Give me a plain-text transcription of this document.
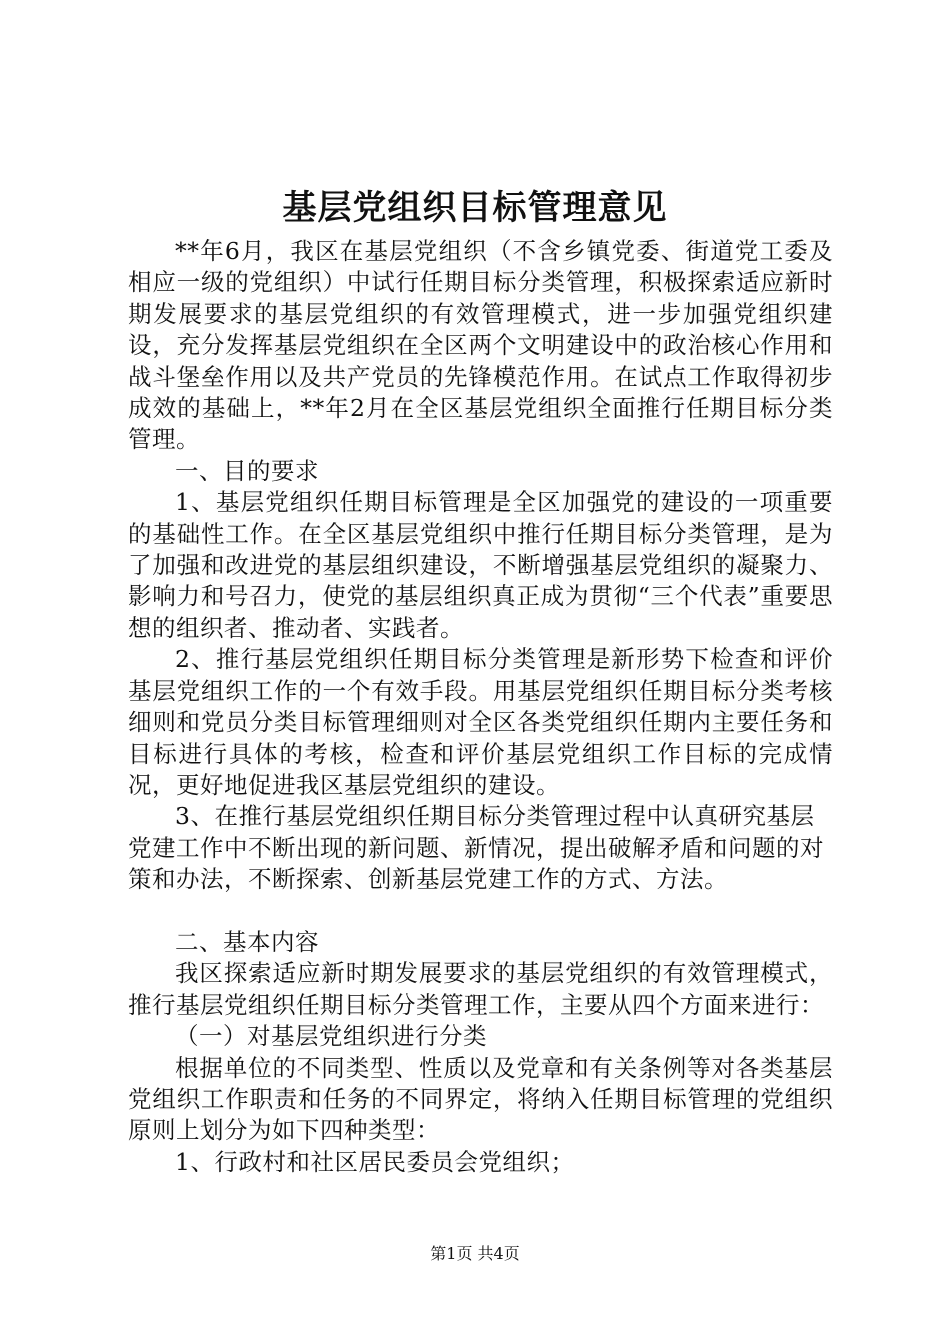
基层党组织目标管理意见

**年6月，我区在基层党组织（不含乡镇党委、街道党工委及相应一级的党组织）中试行任期目标分类管理，积极探索适应新时期发展要求的基层党组织的有效管理模式，进一步加强党组织建设，充分发挥基层党组织在全区两个文明建设中的政治核心作用和战斗堡垒作用以及共产党员的先锋模范作用。在试点工作取得初步成效的基础上，**年2月在全区基层党组织全面推行任期目标分类管理。

一、目的要求

1、基层党组织任期目标管理是全区加强党的建设的一项重要的基础性工作。在全区基层党组织中推行任期目标分类管理，是为了加强和改进党的基层组织建设，不断增强基层党组织的凝聚力、影响力和号召力，使党的基层组织真正成为贯彻“三个代表”重要思想的组织者、推动者、实践者。

2、推行基层党组织任期目标分类管理是新形势下检查和评价基层党组织工作的一个有效手段。用基层党组织任期目标分类考核细则和党员分类目标管理细则对全区各类党组织任期内主要任务和目标进行具体的考核，检查和评价基层党组织工作目标的完成情况，更好地促进我区基层党组织的建设。

3、在推行基层党组织任期目标分类管理过程中认真研究基层党建工作中不断出现的新问题、新情况，提出破解矛盾和问题的对策和办法，不断探索、创新基层党建工作的方式、方法。

二、基本内容

我区探索适应新时期发展要求的基层党组织的有效管理模式，推行基层党组织任期目标分类管理工作，主要从四个方面来进行：

（一）对基层党组织进行分类

根据单位的不同类型、性质以及党章和有关条例等对各类基层党组织工作职责和任务的不同界定，将纳入任期目标管理的党组织原则上划分为如下四种类型：

1、行政村和社区居民委员会党组织；

第1页 共4页
